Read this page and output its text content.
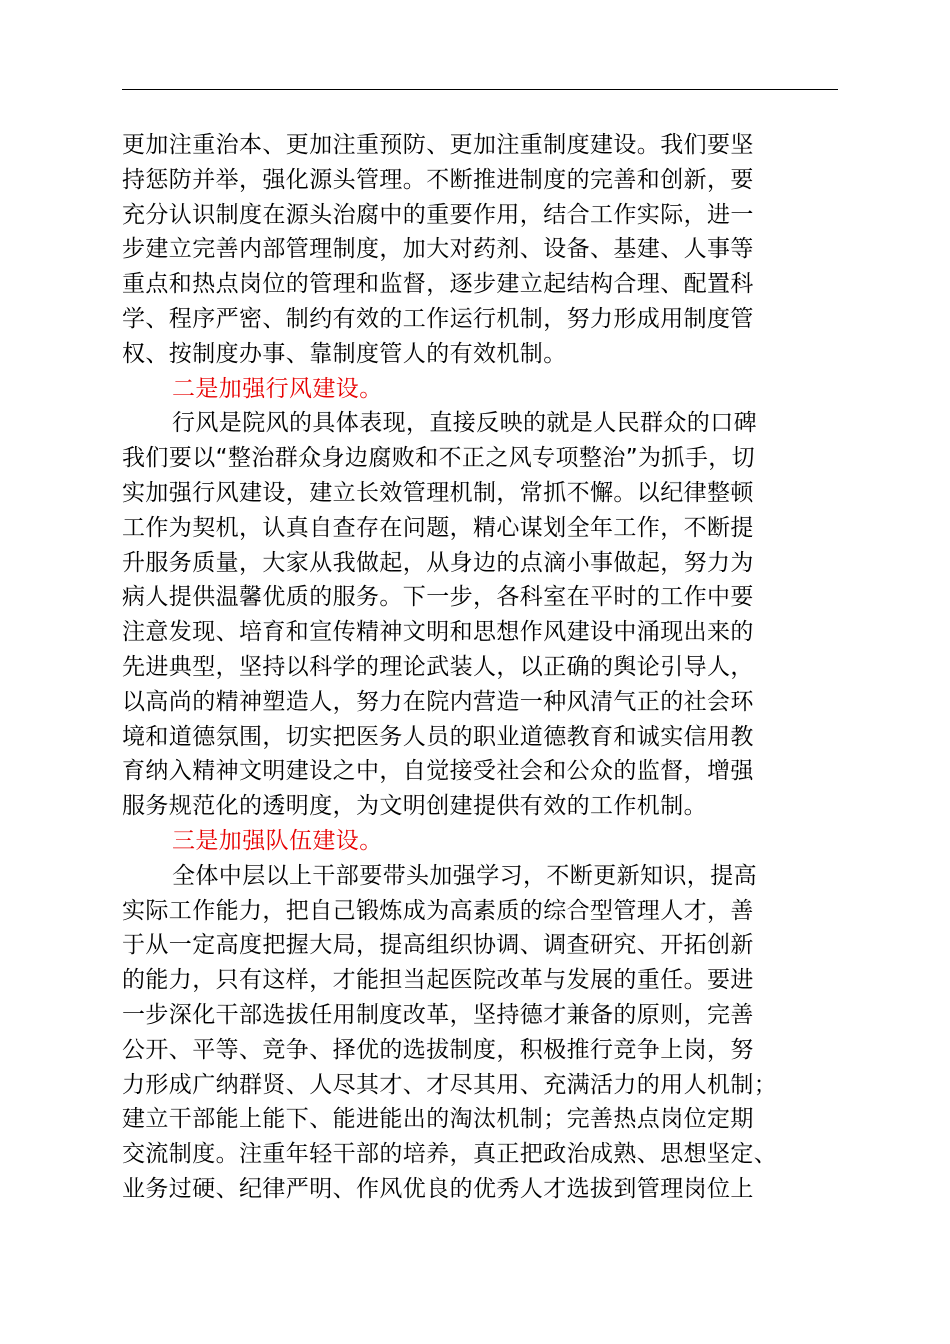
更加注重治本、更加注重预防、更加注重制度建设。我们要坚
持惩防并举，强化源头管理。不断推进制度的完善和创新，要
充分认识制度在源头治腐中的重要作用，结合工作实际，进一
步建立完善内部管理制度，加大对药剂、设备、基建、人事等
重点和热点岗位的管理和监督，逐步建立起结构合理、配置科
学、程序严密、制约有效的工作运行机制，努力形成用制度管
权、按制度办事、靠制度管人的有效机制。
二是加强行风建设。
行风是院风的具体表现，直接反映的就是人民群众的口碑
我们要以“整治群众身边腐败和不正之风专项整治”为抓手，切
实加强行风建设，建立长效管理机制，常抓不懈。以纪律整顿
工作为契机，认真自查存在问题，精心谋划全年工作，不断提
升服务质量，大家从我做起，从身边的点滴小事做起，努力为
病人提供温馨优质的服务。下一步，各科室在平时的工作中要
注意发现、培育和宣传精神文明和思想作风建设中涌现出来的
先进典型，坚持以科学的理论武装人，以正确的舆论引导人，
以高尚的精神塑造人，努力在院内营造一种风清气正的社会环
境和道德氛围，切实把医务人员的职业道德教育和诚实信用教
育纳入精神文明建设之中，自觉接受社会和公众的监督，增强
服务规范化的透明度，为文明创建提供有效的工作机制。
三是加强队伍建设。
全体中层以上干部要带头加强学习，不断更新知识，提高
实际工作能力，把自己锻炼成为高素质的综合型管理人才，善
于从一定高度把握大局，提高组织协调、调查研究、开拓创新
的能力，只有这样，才能担当起医院改革与发展的重任。要进
一步深化干部选拔任用制度改革，坚持德才兼备的原则，完善
公开、平等、竞争、择优的选拔制度，积极推行竞争上岗，努
力形成广纳群贤、人尽其才、才尽其用、充满活力的用人机制；
建立干部能上能下、能进能出的淘汰机制；完善热点岗位定期
交流制度。注重年轻干部的培养，真正把政治成熟、思想坚定、
业务过硬、纪律严明、作风优良的优秀人才选拔到管理岗位上
